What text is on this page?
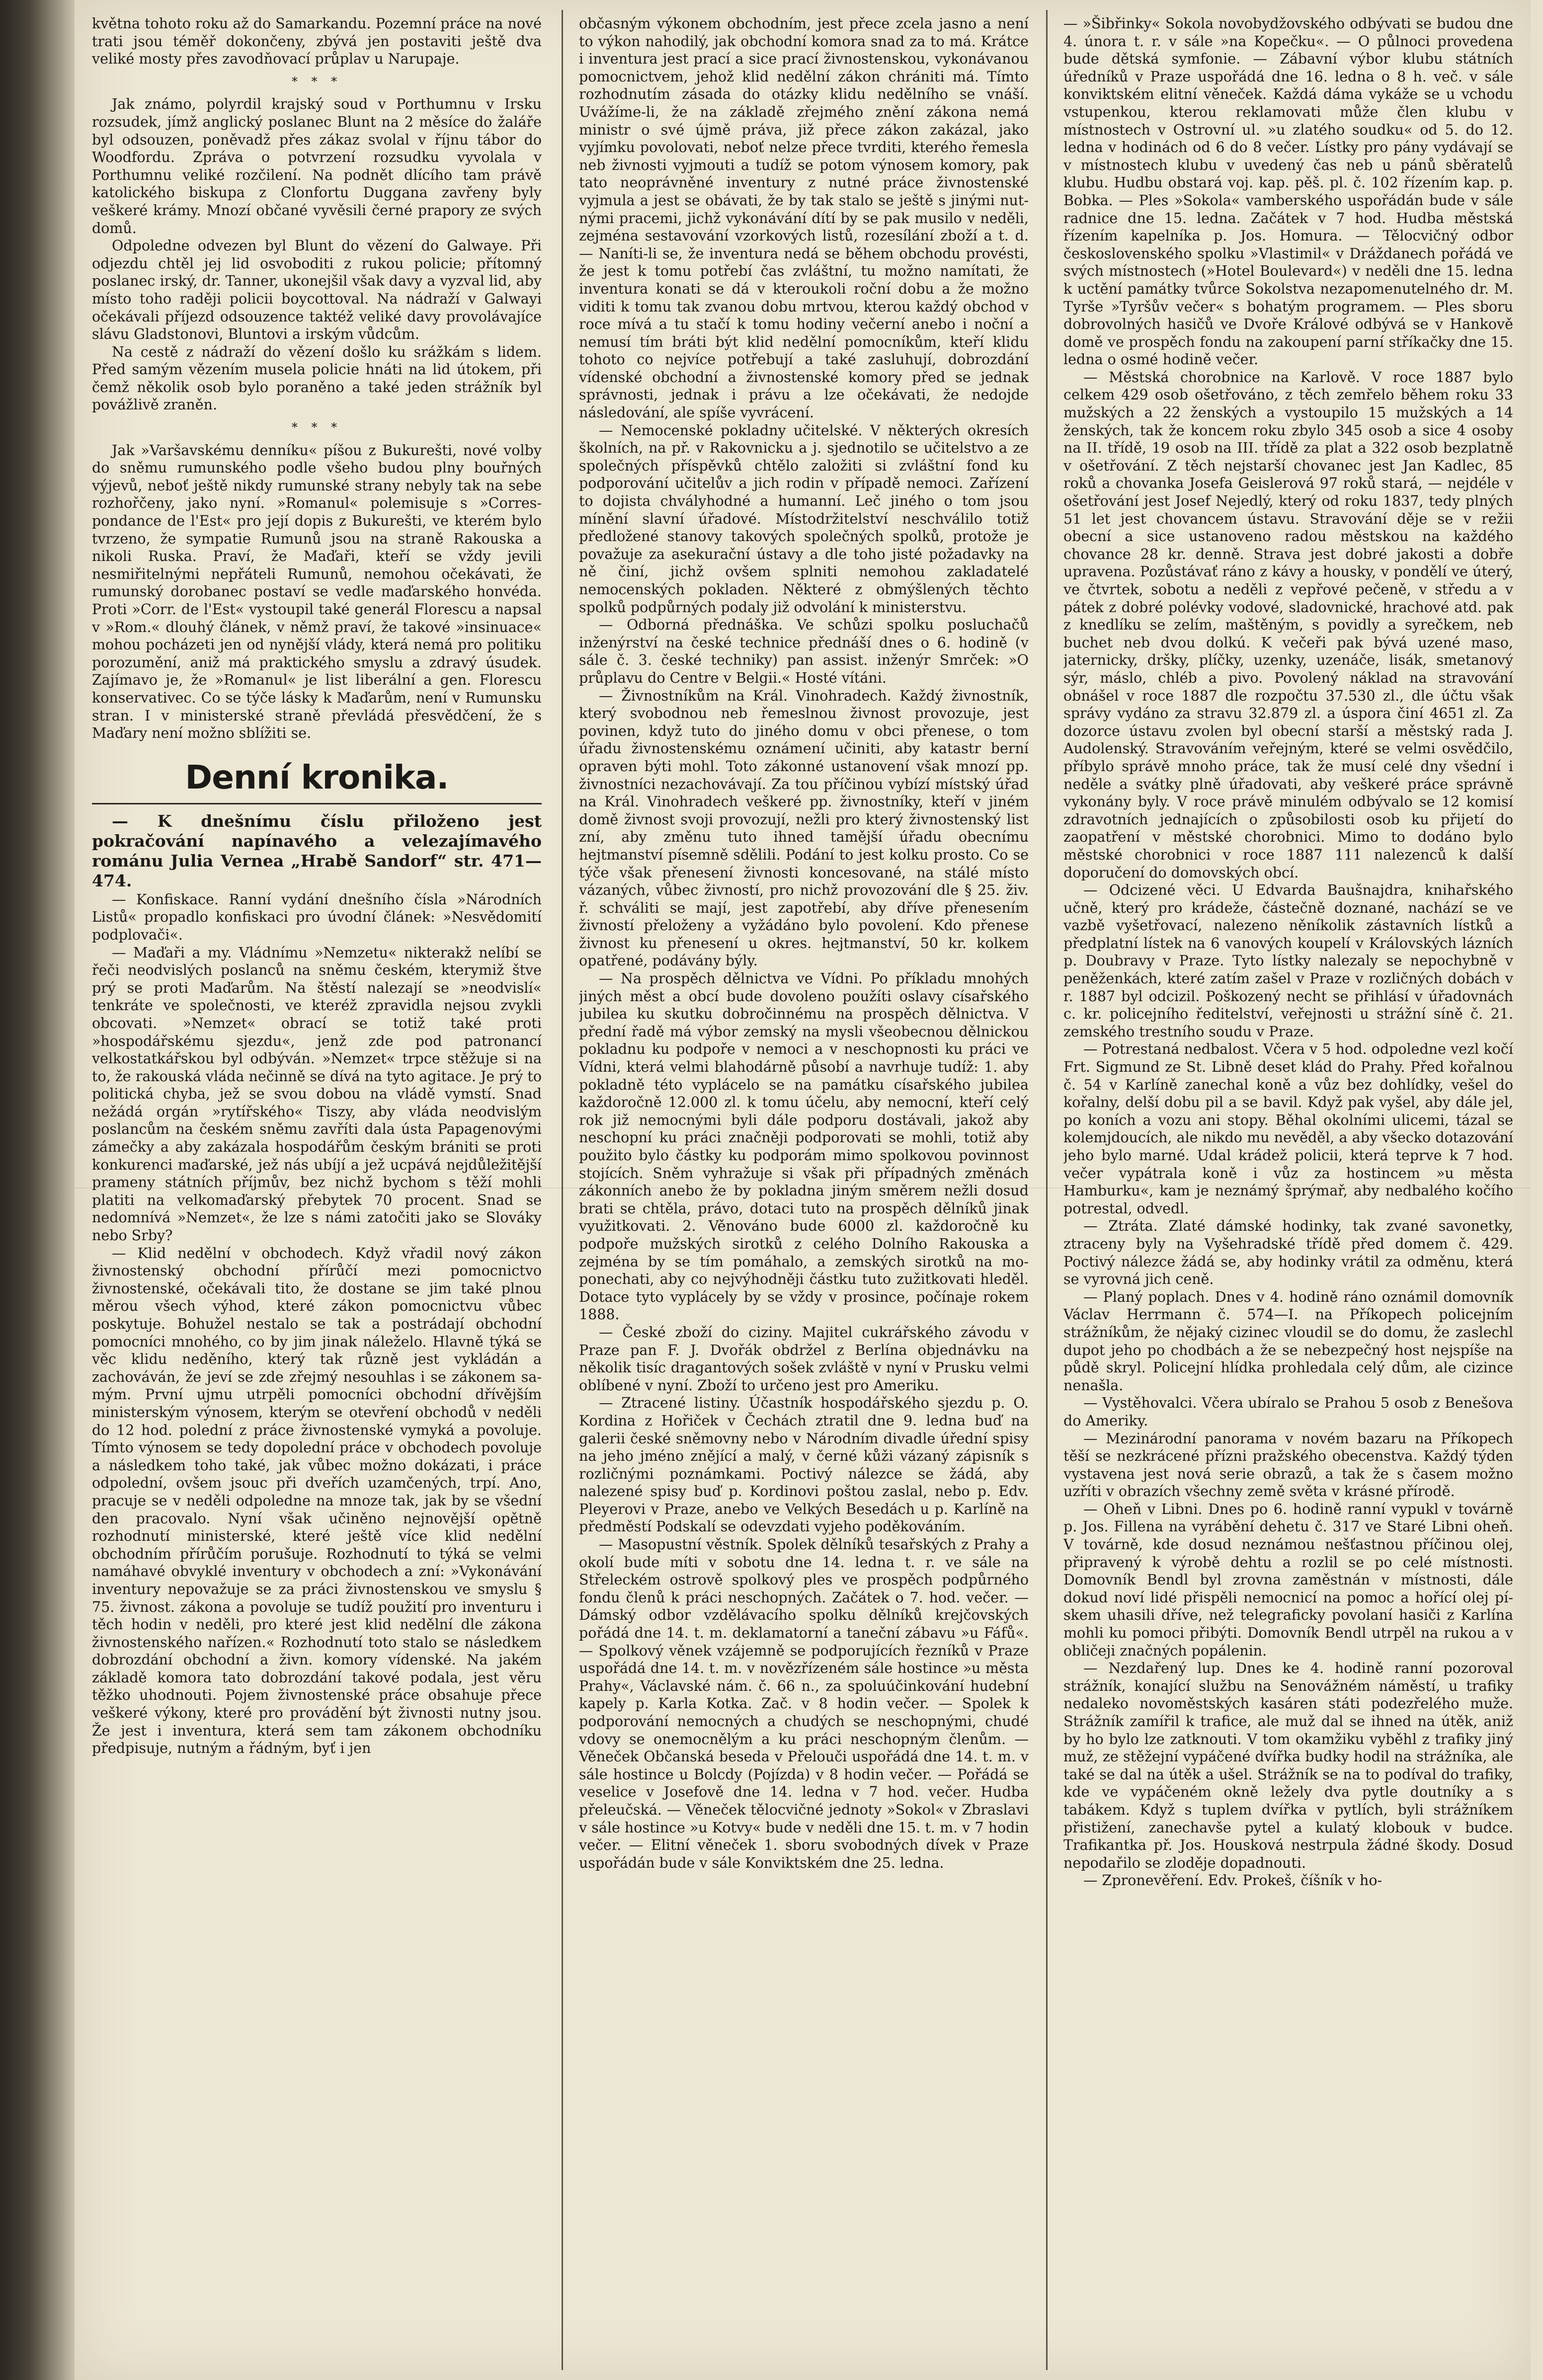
května tohoto roku až do Samarkandu. Pozemní práce na nové trati jsou téměř dokončeny, zbývá jen postaviti ještě dva veliké mosty přes zavodňovací průplav u Narupaje.

* * *

Jak známo, polyrdil krajský soud v Porthumnu v Irsku rozsudek, jímž anglický poslanec Blunt na 2 měsíce do žaláře byl odsouzen, poněvadž přes zákaz svolal v říjnu tábor do Woodfordu. Zpráva o potvrzení rozsudku vyvolala v Porthumnu veliké rozčilení. Na podnět dlícího tam právě katolického biskupa z Clonfortu Duggana zavřeny byly veškeré krámy. Mnozí občané vyvěsili černé prapory ze svých domů.

Odpoledne odvezen byl Blunt do vězení do Galwaye. Při odjezdu chtěl jej lid osvoboditi z rukou policie; přítomný poslanec irský, dr. Tanner, ukonejšil však davy a vyzval lid, aby místo toho raději policii boycottoval. Na nádraží v Galwayi očekávali příjezd odsouzence taktéž veliké davy provolávajíce slávu Gladstonovi, Bluntovi a irským vůdcům.

Na cestě z nádraží do vězení došlo ku srážkám s lidem. Před samým vězením musela policie hnáti na lid útokem, při čemž několik osob bylo poraněno a také jeden strážník byl povážlivě zraněn.

* * *

Jak »Varšavskému denníku« píšou z Bukurešti, nové volby do sněmu rumunského podle všeho budou plny bouřných výjevů, neboť ještě nikdy rumunské strany nebyly tak na sebe rozhořčeny, jako nyní. »Romanul« polemisuje s »Correspondance de l'Est« pro její dopis z Bukurešti, ve kterém bylo tvrzeno, že sympatie Rumunů jsou na straně Rakouska a nikoli Ruska. Praví, že Maďaři, kteří se vždy jevili nesmiřitelnými nepřáteli Rumunů, nemohou očekávati, že rumunský dorobanec postaví se vedle maďarského honvéda. Proti »Corr. de l'Est« vystoupil také generál Florescu a napsal v »Rom.« dlouhý článek, v němž praví, že takové »insinuace« mohou pocházeti jen od nynější vlády, která nemá pro politiku porozumění, aniž má praktického smyslu a zdravý úsudek. Zajímavo je, že »Romanul« je list liberální a gen. Florescu konservativec. Co se týče lásky k Maďarům, není v Rumunsku stran. I v ministerské straně převládá přesvědčení, že s Maďary není možno sblížiti se.

Denní kronika.

— K dnešnímu číslu přiloženo jest pokračování napínavého a velezajímavého románu Julia Vernea „Hrabě Sandorf“ str. 471—474.

— Konfiskace. Ranní vydání dnešního čísla »Národních Listů« propadlo konfiskaci pro úvodní článek: »Nesvědomití podplovači«.

— Maďaři a my. Vládnímu »Nemzetu« nikterakž nelíbí se řeči neodvislých poslanců na sněmu českém, kterymiž štve prý se proti Maďarům. Na štěstí nalezají se »neodvislí« tenkráte ve společnosti, ve kteréž zpravidla nejsou zvykli obcovati. »Nemzet« obrací se totiž také proti »hospodářskému sjezdu«, jenž zde pod patronancí velkostatkářskou byl odbýván. »Nemzet« trpce stěžuje si na to, že rakouská vláda nečinně se dívá na tyto agitace. Je prý to politická chyba, jež se svou dobou na vládě vymstí. Snad nežádá orgán »rytířského« Tiszy, aby vláda neodvislým poslancům na českém sněmu zavříti dala ústa Papagenovými zámečky a aby zakázala hospodářům českým brániti se proti konkurenci maďarské, jež nás ubíjí a jež ucpává nejdůležitější prameny státních příjmův, bez nichž bychom s těží mohli platiti na velkomaďarský přebytek 70 procent. Snad se nedomnívá »Nemzet«, že lze s námi zatočiti jako se Slováky nebo Srby?

— Klid nedělní v obchodech. Když vřadil nový zákon živnostenský obchodní přírůčí mezi pomocnictvo živnostenské, očekávali tito, že dostane se jim také plnou měrou všech výhod, které zákon pomocnictvu vůbec poskytuje. Bohužel nestalo se tak a postrádají obchodní pomocníci mnohého, co by jim jinak náleželo. Hlavně týká se věc klidu neděního, který tak různě jest vykládán a zachováván, že jeví se zde zřejmý nesouhlas i se zákonem samým. První ujmu utrpěli pomocníci obchodní dřívějším ministerským výnosem, kterým se otevření obchodů v neděli do 12 hod. polední z práce živnostenské vymyká a povoluje. Tímto výnosem se tedy dopolední práce v obchodech povoluje a následkem toho také, jak vůbec možno dokázati, i práce odpolední, ovšem jsouc při dveřích uzamčených, trpí. Ano, pracuje se v neděli odpoledne na mnoze tak, jak by se všední den pracovalo. Nyní však učiněno nejnovější opětně rozhodnutí ministerské, které ještě více klid nedělní obchodním přírůčím porušuje. Rozhodnutí to týká se velmi namáhavé obvyklé inventury v obchodech a zní: »Vykonávání inventury nepovažuje se za práci živnostenskou ve smyslu § 75. živnost. zákona a povoluje se tudíž použití pro inventuru i těch hodin v neděli, pro které jest klid nedělní dle zákona živnostenského nařízen.« Rozhodnutí toto stalo se následkem dobrozdání obchodní a živn. komory vídenské. Na jakém základě komora tato dobrozdání takové podala, jest věru těžko uhodnouti. Pojem živnostenské práce obsahuje přece veškeré výkony, které pro provádění být živnosti nutny jsou. Že jest i inventura, která sem tam zákonem obchodníku předpisuje, nutným a řádným, byť i jen

občasným výkonem obchodním, jest přece zcela jasno a není to výkon nahodilý, jak obchodní komora snad za to má. Krátce i inventura jest prací a sice prací živnostenskou, vykonávanou pomocnictvem, jehož klid nedělní zákon chrániti má. Tímto rozhodnutím zásada do otázky klidu nedělního se vnáší. Uvážíme-li, že na základě zřejmého znění zákona nemá ministr o své újmě práva, již přece zákon zakázal, jako vyjímku povolovati, neboť nelze přece tvrditi, kterého řemesla neb živnosti vyjmouti a tudíž se potom výnosem komory, pak tato neoprávněné inventury z nutné práce živnostenské vyjmula a jest se obávati, že by tak stalo se ještě s jinými nutnými pracemi, jichž vykonávání dítí by se pak musilo v neděli, zejména sestavování vzorkových listů, rozesílání zboží a t. d. — Naníti-li se, že inventura nedá se během obchodu provésti, že jest k tomu potřebí čas zvláštní, tu možno namítati, že inventura konati se dá v kteroukoli roční dobu a že možno viditi k tomu tak zvanou dobu mrtvou, kterou každý obchod v roce mívá a tu stačí k tomu hodiny večerní anebo i noční a nemusí tím bráti být klid nedělní pomocníkům, kteří klidu tohoto co nejvíce potřebují a také zasluhují, dobrozdání vídenské obchodní a živnostenské komory před se jednak správnosti, jednak i právu a lze očekávati, že nedojde následování, ale spíše vyvrácení.

— Nemocenské pokladny učitelské. V některých okresích školních, na př. v Rakovnicku a j. sjednotilo se učitelstvo a ze společných příspěvků chtělo založiti si zvláštní fond ku podporování učitelův a jich rodin v případě nemoci. Zařízení to dojista chvályhodné a humanní. Leč jiného o tom jsou mínění slavní úřadové. Místodržitelství neschválilo totiž předložené stanovy takových společných spolků, protože je považuje za asekurační ústavy a dle toho jisté požadavky na ně činí, jichž ovšem splniti nemohou zakladatelé nemocenských pokladen. Některé z obmýšlených těchto spolků podpůrných podaly již odvolání k ministerstvu.

— Odborná přednáška. Ve schůzi spolku posluchačů inženýrství na české technice přednáší dnes o 6. hodině (v sále č. 3. české techniky) pan assist. inženýr Smrček: »O průplavu do Centre v Belgii.« Hosté vítáni.

— Živnostníkům na Král. Vinohradech. Každý živnostník, který svobodnou neb řemeslnou živnost provozuje, jest povinen, když tuto do jiného domu v obci přenese, o tom úřadu živnostenskému oznámení učiniti, aby katastr berní opraven býti mohl. Toto zákonné ustanovení však mnozí pp. živnostníci nezachovávají. Za tou příčinou vybízí místský úřad na Král. Vinohradech veškeré pp. živnostníky, kteří v jiném domě živnost svoji provozují, nežli pro který živnostenský list zní, aby změnu tuto ihned tamější úřadu obecnímu hejtmanství písemně sdělili. Podání to jest kolku prosto. Co se týče však přenesení živnosti koncesované, na stálé místo vázaných, vůbec živností, pro nichž provozování dle § 25. živ. ř. schváliti se mají, jest zapotřebí, aby dříve přenesením živností přeloženy a vyžádáno bylo povolení. Kdo přenese živnost ku přenesení u okres. hejtmanství, 50 kr. kolkem opatřené, podávány býly.

— Na prospěch dělnictva ve Vídni. Po příkladu mnohých jiných měst a obcí bude dovoleno použíti oslavy císařského jubilea ku skutku dobročinnému na prospěch dělnictva. V přední řadě má výbor zemský na mysli všeobecnou dělnickou pokladnu ku podpoře v nemoci a v neschopnosti ku práci ve Vídni, která velmi blahodárně působí a navrhuje tudíž: 1. aby pokladně této vyplácelo se na památku císařského jubilea každoročně 12.000 zl. k tomu účelu, aby nemocní, kteří celý rok již nemocnými byli dále podporu dostávali, jakož aby neschopní ku práci značněji podporovati se mohli, totiž aby použito bylo částky ku podporám mimo spolkovou povinnost stojících. Sněm vyhražuje si však při případných změnách zákonních anebo že by pokladna jiným směrem nežli dosud brati se chtěla, právo, dotaci tuto na prospěch dělníků jinak využitkovati. 2. Věnováno bude 6000 zl. každoročně ku podpoře mužských sirotků z celého Dolního Rakouska a zejména by se tím pomáhalo, a zemských sirotků na moponechati, aby co nejvýhodněji částku tuto zužitkovati hleděl. Dotace tyto vyplácely by se vždy v prosince, počínaje rokem 1888.

— České zboží do ciziny. Majitel cukrářského závodu v Praze pan F. J. Dvořák obdržel z Berlína objednávku na několik tisíc dragantových sošek zvláště v nyní v Prusku velmi oblíbené v nyní. Zboží to určeno jest pro Ameriku.

— Ztracené listiny. Účastník hospodářského sjezdu p. O. Kordina z Hořiček v Čechách ztratil dne 9. ledna buď na galerii české sněmovny nebo v Národním divadle úřední spisy na jeho jméno znějící a malý, v černé kůži vázaný zápisník s rozličnými poznámkami. Poctivý nálezce se žádá, aby nalezené spisy buď p. Kordinovi poštou zaslal, nebo p. Edv. Pleyerovi v Praze, anebo ve Velkých Besedách u p. Karlíně na předměstí Podskalí se odevzdati vyjeho poděkováním.

— Masopustní věstník. Spolek dělníků tesařských z Prahy a okolí bude míti v sobotu dne 14. ledna t. r. ve sále na Střeleckém ostrově spolkový ples ve prospěch podpůrného fondu členů k práci neschopných. Začátek o 7. hod. večer. — Dámský odbor vzdělávacího spolku dělníků krejčovských pořádá dne 14. t. m. deklamatorní a taneční zábavu »u Fáfů«. — Spolkový věnek vzájemně se podporujících řezníků v Praze uspořádá dne 14. t. m. v novězřízeném sále hostince »u města Prahy«, Václavské nám. č. 66 n., za spoluúčinkování hudební kapely p. Karla Kotka. Zač. v 8 hodin večer. — Spolek k podporování nemocných a chudých se neschopnými, chudé vdovy se onemocnělým a ku práci neschopným členům. — Věneček Občanská beseda v Přelouči uspořádá dne 14. t. m. v sále hostince u Bolcdy (Pojízda) v 8 hodin večer. — Pořádá se veselice v Josefově dne 14. ledna v 7 hod. večer. Hudba přeleučská. — Věneček tělocvičné jednoty »Sokol« v Zbraslavi v sále hostince »u Kotvy« bude v neděli dne 15. t. m. v 7 hodin večer. — Elitní věneček 1. sboru svobodných dívek v Praze uspořádán bude v sále Konviktském dne 25. ledna.

— »Šibřinky« Sokola novobydžovského odbývati se budou dne 4. února t. r. v sále »na Kopečku«. — O půlnoci provedena bude dětská symfonie. — Zábavní výbor klubu státních úředníků v Praze uspořádá dne 16. ledna o 8 h. več. v sále konviktském elitní věneček. Každá dáma vykáže se u vchodu vstupenkou, kterou reklamovati může člen klubu v místnostech v Ostrovní ul. »u zlatého soudku« od 5. do 12. ledna v hodinách od 6 do 8 večer. Lístky pro pány vydávají se v místnostech klubu v uvedený čas neb u pánů sběratelů klubu. Hudbu obstará voj. kap. pěš. pl. č. 102 řízením kap. p. Bobka. — Ples »Sokola« vamberského uspořádán bude v sále radnice dne 15. ledna. Začátek v 7 hod. Hudba městská řízením kapelníka p. Jos. Homura. — Tělocvičný odbor československého spolku »Vlastimil« v Dráždanech pořádá ve svých místnostech (»Hotel Boulevard«) v neděli dne 15. ledna k uctění památky tvůrce Sokolstva nezapomenutelného dr. M. Tyrše »Tyršův večer« s bohatým programem. — Ples sboru dobrovolných hasičů ve Dvoře Králové odbývá se v Hankově domě ve prospěch fondu na zakoupení parní stříkačky dne 15. ledna o osmé hodině večer.

— Městská chorobnice na Karlově. V roce 1887 bylo celkem 429 osob ošetřováno, z těch zemřelo během roku 33 mužských a 22 ženských a vystoupilo 15 mužských a 14 ženských, tak že koncem roku zbylo 345 osob a sice 4 osoby na II. třídě, 19 osob na III. třídě za plat a 322 osob bezplatně v ošetřování. Z těch nejstarší chovanec jest Jan Kadlec, 85 roků a chovanka Josefa Geislerová 97 roků stará, — nejdéle v ošetřování jest Josef Nejedlý, který od roku 1837, tedy plných 51 let jest chovancem ústavu. Stravování děje se v režii obecní a sice ustanoveno radou městskou na každého chovance 28 kr. denně. Strava jest dobré jakosti a dobře upravena. Pozůstávať ráno z kávy a housky, v pondělí ve úterý, ve čtvrtek, sobotu a neděli z vepřové pečeně, v středu a v pátek z dobré polévky vodové, sladovnické, hrachové atd. pak z knedlíku se zelím, maštěným, s povidly a syrečkem, neb buchet neb dvou dolkú. K večeři pak bývá uzené maso, jaternicky, dršky, plíčky, uzenky, uzenáče, lisák, smetanový sýr, máslo, chléb a pivo. Povolený náklad na stravování obnášel v roce 1887 dle rozpočtu 37.530 zl., dle účtu však správy vydáno za stravu 32.879 zl. a úspora činí 4651 zl. Za dozorce ústavu zvolen byl obecní starší a městský rada J. Audolenský. Stravováním veřejným, které se velmi osvědčilo, příbylo správě mnoho práce, tak že musí celé dny všední i neděle a svátky plně úřadovati, aby veškeré práce správně vykonány byly. V roce právě minulém odbývalo se 12 komisí zdravotních jednajících o způsobilosti osob ku přijetí do zaopatření v městské chorobnici. Mimo to dodáno bylo městské chorobnici v roce 1887 111 nalezenců k další doporučení do domovských obcí.

— Odcizené věci. U Edvarda Baušnajdra, knihařského učně, který pro krádeže, částečně doznané, nachází se ve vazbě vyšetřovací, nalezeno něníkolik zástavních lístků a předplatní lístek na 6 vanových koupelí v Královských lázních p. Doubravy v Praze. Tyto lístky nalezaly se nepochybně v peněženkách, které zatím zašel v Praze v rozličných dobách v r. 1887 byl odcizil. Poškozený necht se přihlásí v úřadovnách c. kr. policejního ředitelství, veřejnosti u strážní síně č. 21. zemského trestního soudu v Praze.

— Potrestaná nedbalost. Včera v 5 hod. odpoledne vezl kočí Frt. Sigmund ze St. Libně deset klád do Prahy. Před kořalnou č. 54 v Karlíně zanechal koně a vůz bez dohlídky, vešel do kořalny, delší dobu pil a se bavil. Když pak vyšel, aby dále jel, po koních a vozu ani stopy. Běhal okolními ulicemi, tázal se kolemjdoucích, ale nikdo mu nevěděl, a aby všecko dotazování jeho bylo marné. Udal krádež policii, která teprve k 7 hod. večer vypátrala koně i vůz za hostincem »u města Hamburku«, kam je neznámý šprýmař, aby nedbalého kočího potrestal, odvedl.

— Ztráta. Zlaté dámské hodinky, tak zvané savonetky, ztraceny byly na Vyšehradské třídě před domem č. 429. Poctivý nálezce žádá se, aby hodinky vrátil za odměnu, která se vyrovná jich ceně.

— Planý poplach. Dnes v 4. hodině ráno oznámil domovník Václav Herrmann č. 574—I. na Příkopech policejním strážníkům, že nějaký cizinec vloudil se do domu, že zaslechl dupot jeho po chodbách a že se nebezpečný host nejspíše na půdě skryl. Policejní hlídka prohledala celý dům, ale cizince nenašla.

— Vystěhovalci. Včera ubíralo se Prahou 5 osob z Benešova do Ameriky.

— Mezinárodní panorama v novém bazaru na Příkopech těší se nezkrácené přízni pražského obecenstva. Každý týden vystavena jest nová serie obrazů, a tak že s časem možno uzříti v obrazích všechny země světa v krásné přírodě.

— Oheň v Libni. Dnes po 6. hodině ranní vypukl v továrně p. Jos. Fillena na vyrábění dehetu č. 317 ve Staré Libni oheň. V továrně, kde dosud neznámou nešťastnou příčinou olej, připravený k výrobě dehtu a rozlil se po celé místnosti. Domovník Bendl byl zrovna zaměstnán v místnosti, dále dokud noví lidé přispěli nemocnicí na pomoc a hořící olej pískem uhasili dříve, než telegraficky povolaní hasiči z Karlína mohli ku pomoci přibýti. Domovník Bendl utrpěl na rukou a v obličeji značných popálenin.

— Nezdařený lup. Dnes ke 4. hodině ranní pozoroval strážník, konající službu na Senovážném náměstí, u trafiky nedaleko novoměstských kasáren státi podezřelého muže. Strážník zamířil k trafice, ale muž dal se ihned na útěk, aniž by ho bylo lze zatknouti. V tom okamžiku vyběhl z trafiky jiný muž, ze stěžejní vypáčené dvířka budky hodil na strážníka, ale také se dal na útěk a ušel. Strážník se na to podíval do trafiky, kde ve vypáčeném okně ležely dva pytle doutníky a s tabákem. Když s tuplem dvířka v pytlích, byli strážníkem přistižení, zanechavše pytel a kulatý klobouk v budce. Trafikantka př. Jos. Housková nestrpula žádné škody. Dosud nepodařilo se zloděje dopadnouti.

— Zpronevěření. Edv. Prokeš, číšník v ho-
